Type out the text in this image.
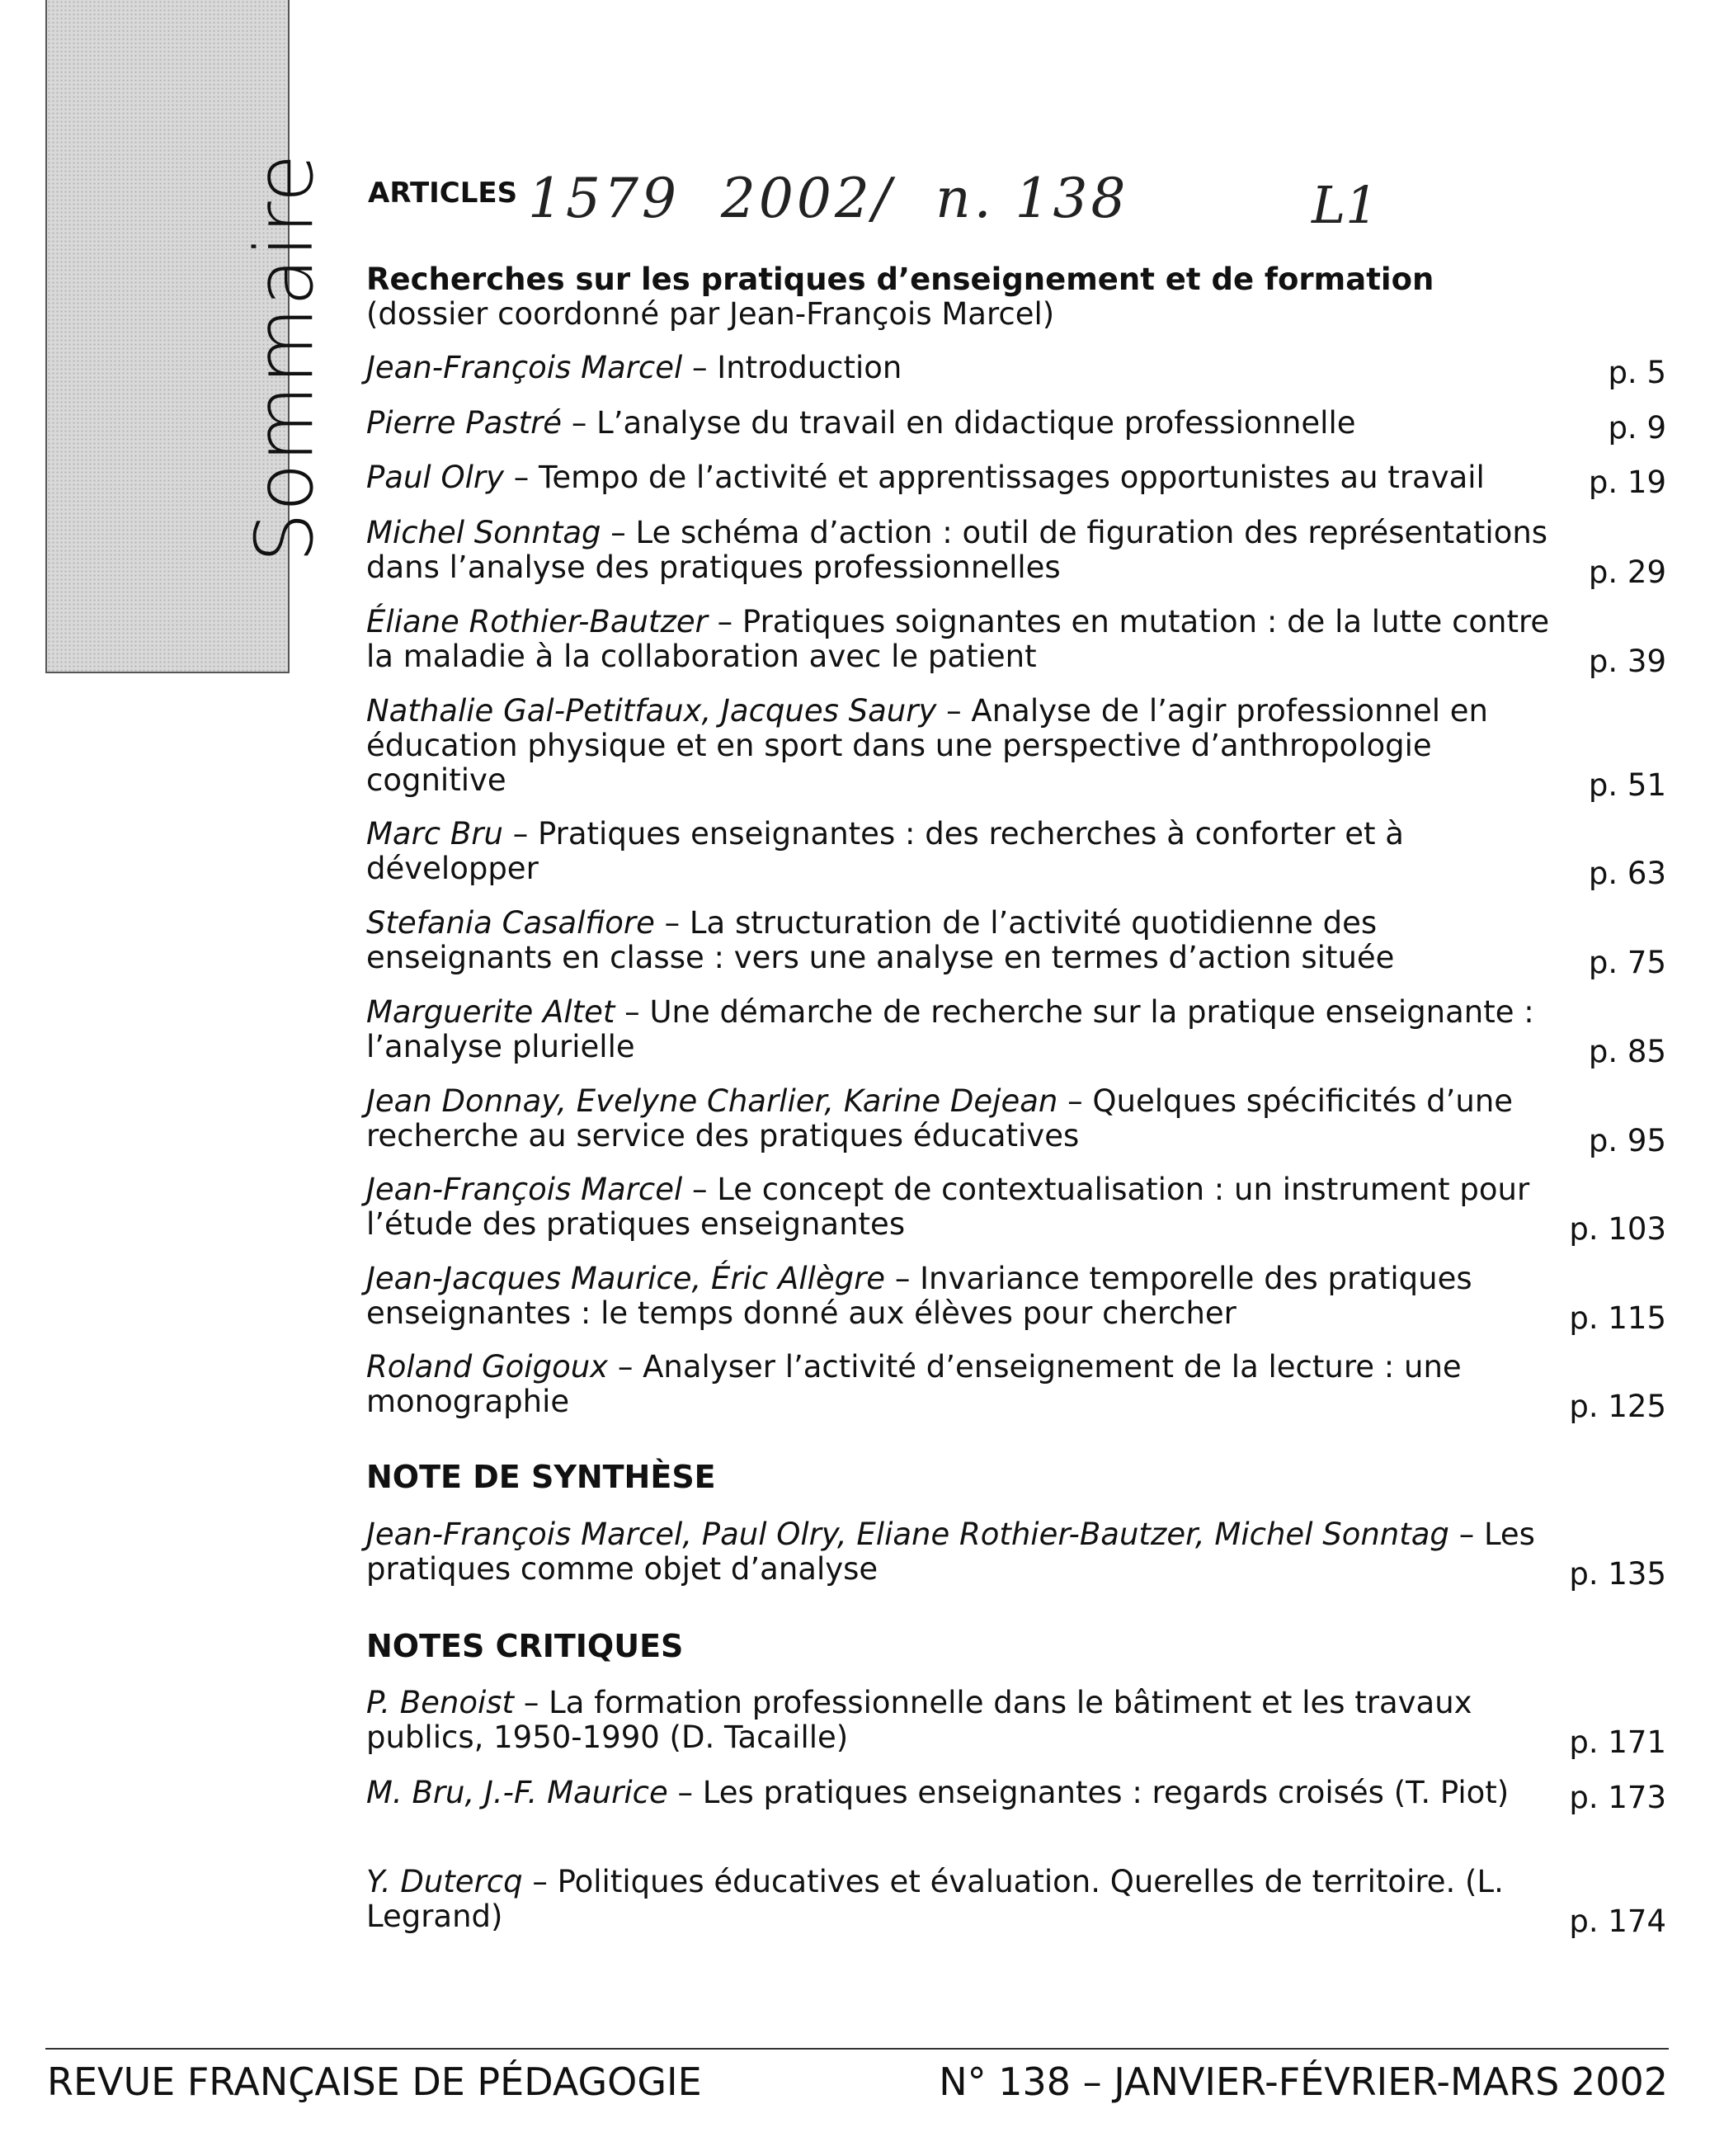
Sommaire ARTICLES 1579  2002/  n. 138	L1
Recherches sur les pratiques d’enseignement et de formation
(dossier coordonné par Jean-François Marcel)
Jean-François Marcel – Introduction	p. 5
Pierre Pastré – L’analyse du travail en didactique professionnelle	p. 9
Paul Olry – Tempo de l’activité et apprentissages opportunistes au travail	p. 19
Michel Sonntag – Le schéma d’action : outil de figuration des représentations dans l’analyse des pratiques professionnelles	p. 29
Éliane Rothier-Bautzer – Pratiques soignantes en mutation : de la lutte contre la maladie à la collaboration avec le patient	p. 39
Nathalie Gal-Petitfaux, Jacques Saury – Analyse de l’agir professionnel en éducation physique et en sport dans une perspective d’anthropologie cognitive	p. 51
Marc Bru – Pratiques enseignantes : des recherches à conforter et à développer	p. 63
Stefania Casalfiore – La structuration de l’activité quotidienne des enseignants en classe : vers une analyse en termes d’action située	p. 75
Marguerite Altet – Une démarche de recherche sur la pratique enseignante : l’analyse plurielle	p. 85
Jean Donnay, Evelyne Charlier, Karine Dejean – Quelques spécificités d’une recherche au service des pratiques éducatives	p. 95
Jean-François Marcel – Le concept de contextualisation : un instrument pour l’étude des pratiques enseignantes	p. 103
Jean-Jacques Maurice, Éric Allègre – Invariance temporelle des pratiques enseignantes : le temps donné aux élèves pour chercher	p. 115
Roland Goigoux – Analyser l’activité d’enseignement de la lecture : une monographie	p. 125
NOTE DE SYNTHÈSE
Jean-François Marcel, Paul Olry, Eliane Rothier-Bautzer, Michel Sonntag – Les pratiques comme objet d’analyse	p. 135
NOTES CRITIQUES
P. Benoist – La formation professionnelle dans le bâtiment et les travaux publics, 1950-1990 (D. Tacaille)	p. 171
M. Bru, J.-F. Maurice – Les pratiques enseignantes : regards croisés (T. Piot)	p. 173
Y. Dutercq – Politiques éducatives et évaluation. Querelles de territoire. (L. Legrand)	p. 174
REVUE FRANÇAISE DE PÉDAGOGIE	N° 138 – JANVIER-FÉVRIER-MARS 2002
